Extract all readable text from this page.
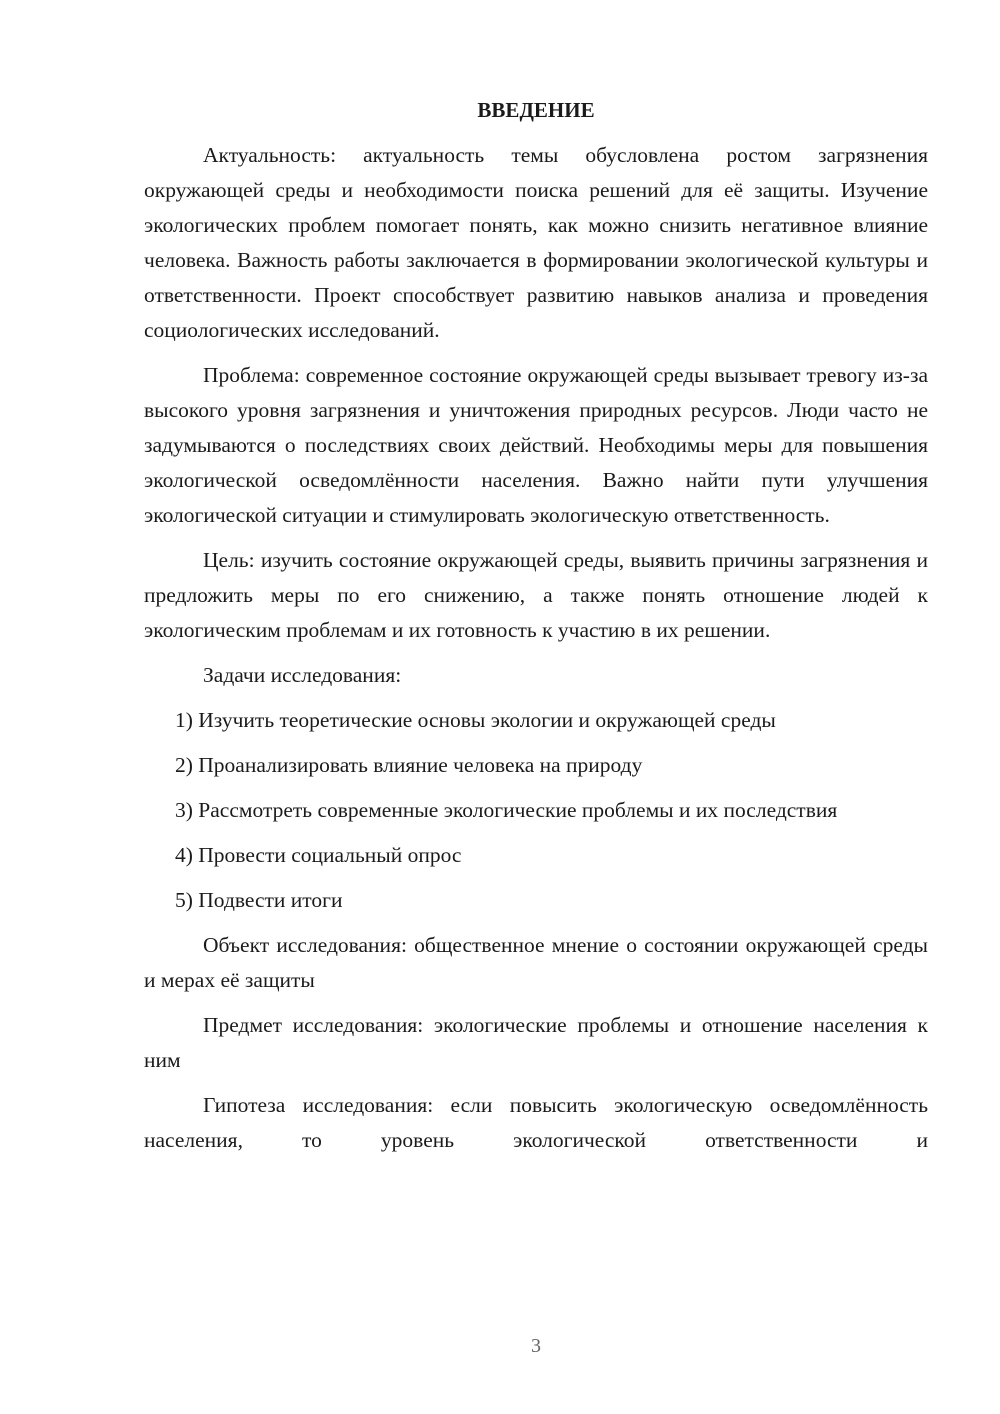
ВВЕДЕНИЕ

Актуальность: актуальность темы обусловлена ростом загрязнения окружающей среды и необходимости поиска решений для её защиты. Изучение экологических проблем помогает понять, как можно снизить негативное влияние человека. Важность работы заключается в формировании экологической культуры и ответственности. Проект способствует развитию навыков анализа и проведения социологических исследований.

Проблема: современное состояние окружающей среды вызывает тревогу из-за высокого уровня загрязнения и уничтожения природных ресурсов. Люди часто не задумываются о последствиях своих действий. Необходимы меры для повышения экологической осведомлённости населения. Важно найти пути улучшения экологической ситуации и стимулировать экологическую ответственность.

Цель: изучить состояние окружающей среды, выявить причины загрязнения и предложить меры по его снижению, а также понять отношение людей к экологическим проблемам и их готовность к участию в их решении.

Задачи исследования:

1) Изучить теоретические основы экологии и окружающей среды

2) Проанализировать влияние человека на природу

3) Рассмотреть современные экологические проблемы и их последствия

4) Провести социальный опрос

5) Подвести итоги

Объект исследования: общественное мнение о состоянии окружающей среды и мерах её защиты

Предмет исследования: экологические проблемы и отношение населения к ним

Гипотеза исследования: если повысить экологическую осведомлённость населения, то уровень экологической ответственности и

3
